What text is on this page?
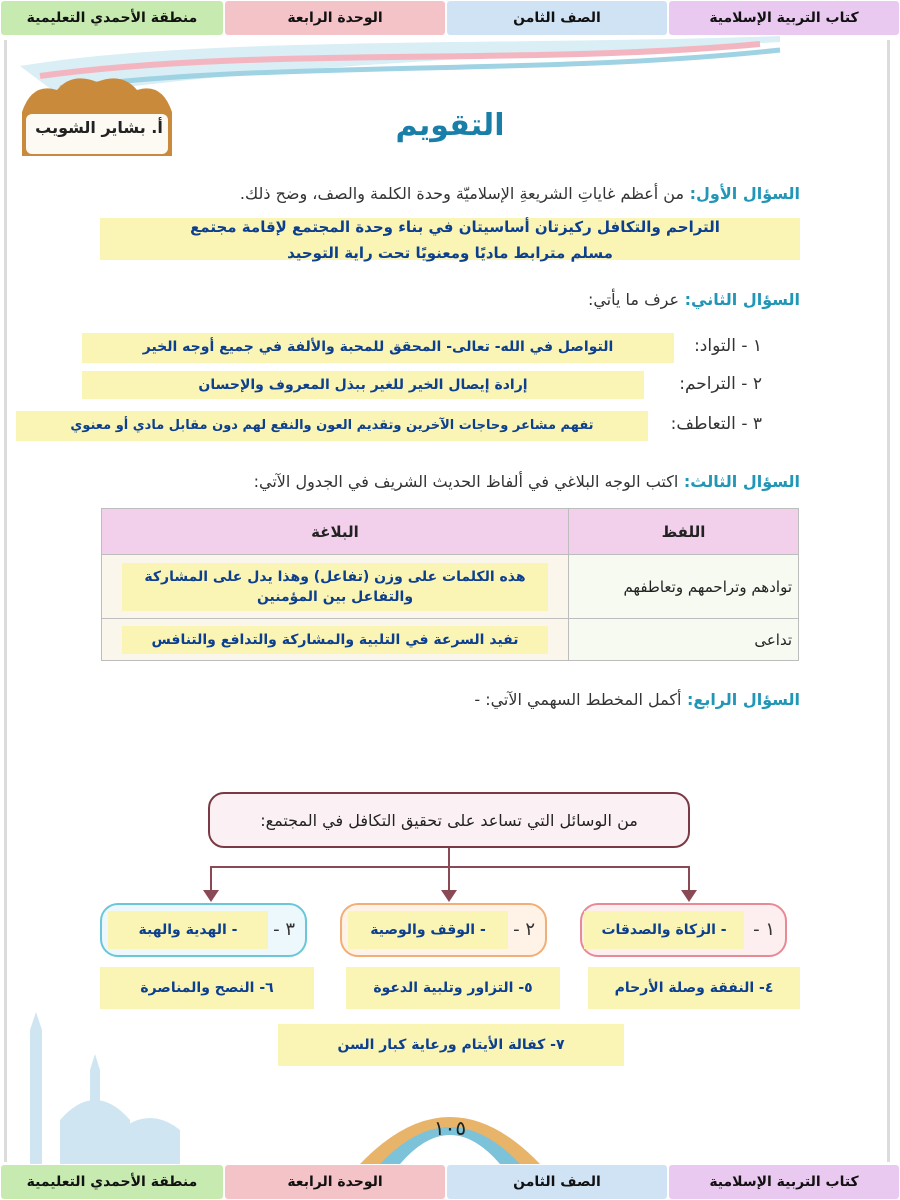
منطقة الأحمدي التعليمية	الوحدة الرابعة	الصف الثامن	كتاب التربية الإسلامية
أ. بشاير الشويب	التقويم
السؤال الأول: من أعظم غاياتِ الشريعةِ الإسلاميّة وحدة الكلمة والصف، وضح ذلك.
التراحم والتكافل ركيزتان أساسيتان في بناء وحدة المجتمع لإقامة مجتمع
مسلم مترابط ماديًا ومعنويًا تحت راية التوحيد
السؤال الثاني: عرف ما يأتي:
١ - التواد:
التواصل في الله- تعالى- المحقق للمحبة والألفة في جميع أوجه الخير
٢ - التراحم:
إرادة إيصال الخير للغير ببذل المعروف والإحسان
٣ - التعاطف:
تفهم مشاعر وحاجات الآخرين وتقديم العون والنفع لهم دون مقابل مادي أو معنوي
السؤال الثالث: اكتب الوجه البلاغي في ألفاظ الحديث الشريف في الجدول الآتي:
اللفظ	البلاغة
توادهم وتراحمهم وتعاطفهم	هذه الكلمات على وزن (تفاعل) وهذا يدل على المشاركة والتفاعل بين المؤمنين

تداعى	تفيد السرعة في التلبية والمشاركة والتدافع والتنافس
السؤال الرابع: أكمل المخطط السهمي الآتي: -
من الوسائل التي تساعد على تحقيق التكافل في المجتمع:
١ -
- الزكاة والصدقات
٢ -
- الوقف والوصية
٣ -
- الهدية والهبة
٤- النفقة وصلة الأرحام
٥- التزاور وتلبية الدعوة
٦- النصح والمناصرة
٧- كفالة الأيتام ورعاية كبار السن
١٠٥
منطقة الأحمدي التعليمية	الوحدة الرابعة	الصف الثامن	كتاب التربية الإسلامية
